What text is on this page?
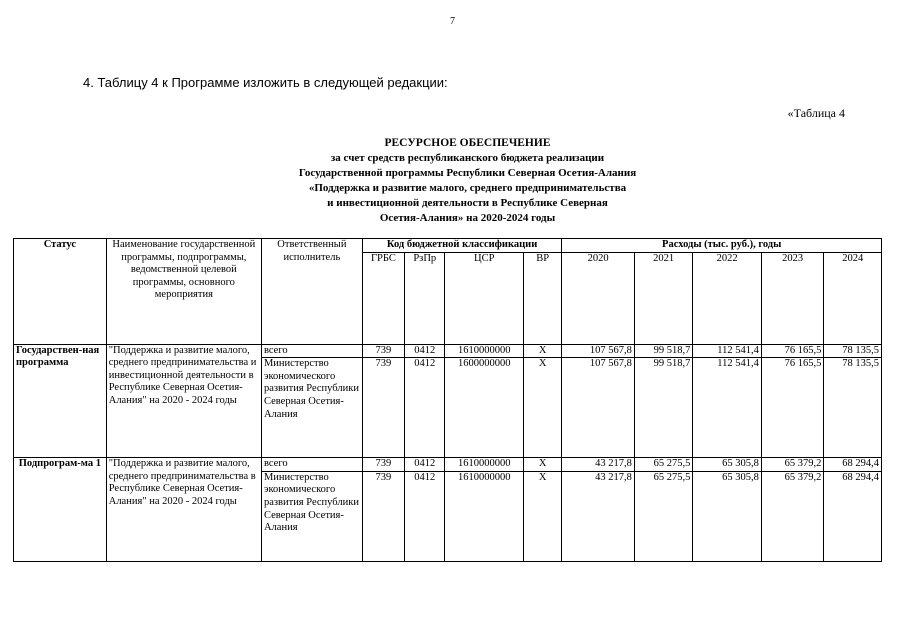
7
4. Таблицу 4 к Программе изложить в следующей редакции:
«Таблица 4
РЕСУРСНОЕ ОБЕСПЕЧЕНИЕ
за счет средств республиканского бюджета реализации
Государственной программы Республики Северная Осетия-Алания
«Поддержка и развитие малого, среднего предпринимательства
и инвестиционной деятельности в Республике Северная
Осетия-Алания» на 2020-2024 годы
Статус	Наименование государственной программы, подпрограммы, ведомственной целевой программы, основного мероприятия	Ответственный исполнитель	Код бюджетной классификации				Расходы (тыс. руб.), годы				
			ГРБС	РзПр	ЦСР	ВР	2020	2021	2022	2023	2024
Государствен-ная программа	"Поддержка и развитие малого, среднего предпринимательства и инвестиционной деятельности в Республике Северная Осетия-Алания" на 2020 - 2024 годы	всего	739	0412	1610000000	Х	107 567,8	99 518,7	112 541,4	76 165,5	78 135,5
		Министерство экономического развития Республики Северная Осетия-Алания	739	0412	1600000000	Х	107 567,8	99 518,7	112 541,4	76 165,5	78 135,5
Подпрограм-ма 1	"Поддержка и развитие малого, среднего предпринимательства в Республике Северная Осетия-Алания" на 2020 - 2024 годы	всего	739	0412	1610000000	Х	43 217,8	65 275,5	65 305,8	65 379,2	68 294,4
		Министерство экономического развития Республики Северная Осетия-Алания	739	0412	1610000000	Х	43 217,8	65 275,5	65 305,8	65 379,2	68 294,4
